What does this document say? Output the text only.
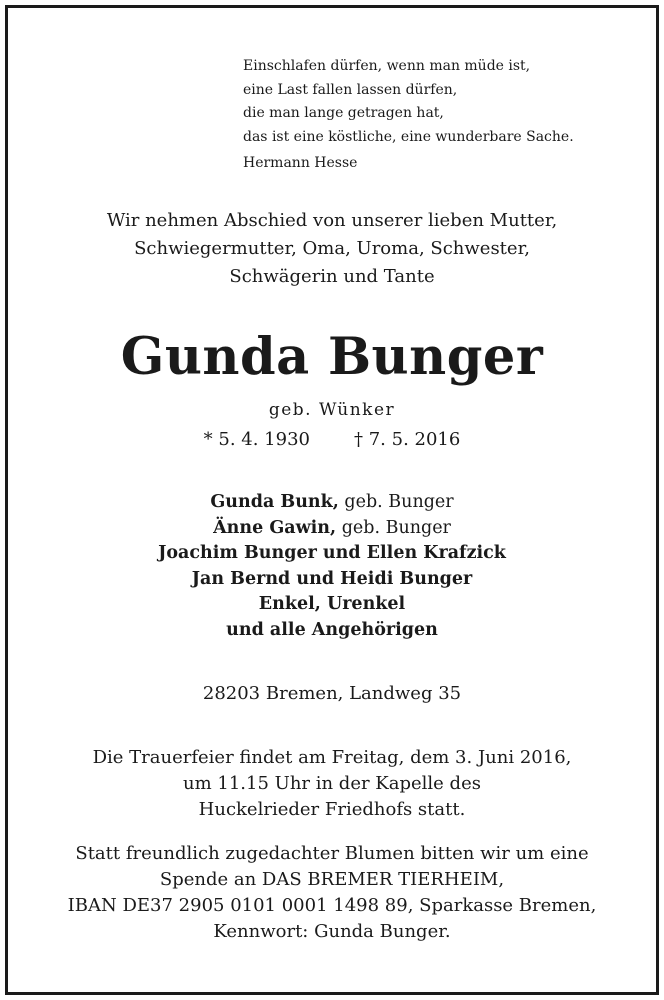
Einschlafen dürfen, wenn man müde ist,
eine Last fallen lassen dürfen,
die man lange getragen hat,
das ist eine köstliche, eine wunderbare Sache.
Hermann Hesse
Wir nehmen Abschied von unserer lieben Mutter,
Schwiegermutter, Oma, Uroma, Schwester,
Schwägerin und Tante
Gunda Bunger
geb. Wünker
* 5. 4. 1930 † 7. 5. 2016
Gunda Bunk, geb. Bunger
Änne Gawin, geb. Bunger
Joachim Bunger und Ellen Krafzick
Jan Bernd und Heidi Bunger
Enkel, Urenkel
und alle Angehörigen
28203 Bremen, Landweg 35
Die Trauerfeier findet am Freitag, dem 3. Juni 2016,
um 11.15 Uhr in der Kapelle des
Huckelrieder Friedhofs statt.
Statt freundlich zugedachter Blumen bitten wir um eine
Spende an DAS BREMER TIERHEIM,
IBAN DE37 2905 0101 0001 1498 89, Sparkasse Bremen,
Kennwort: Gunda Bunger.
